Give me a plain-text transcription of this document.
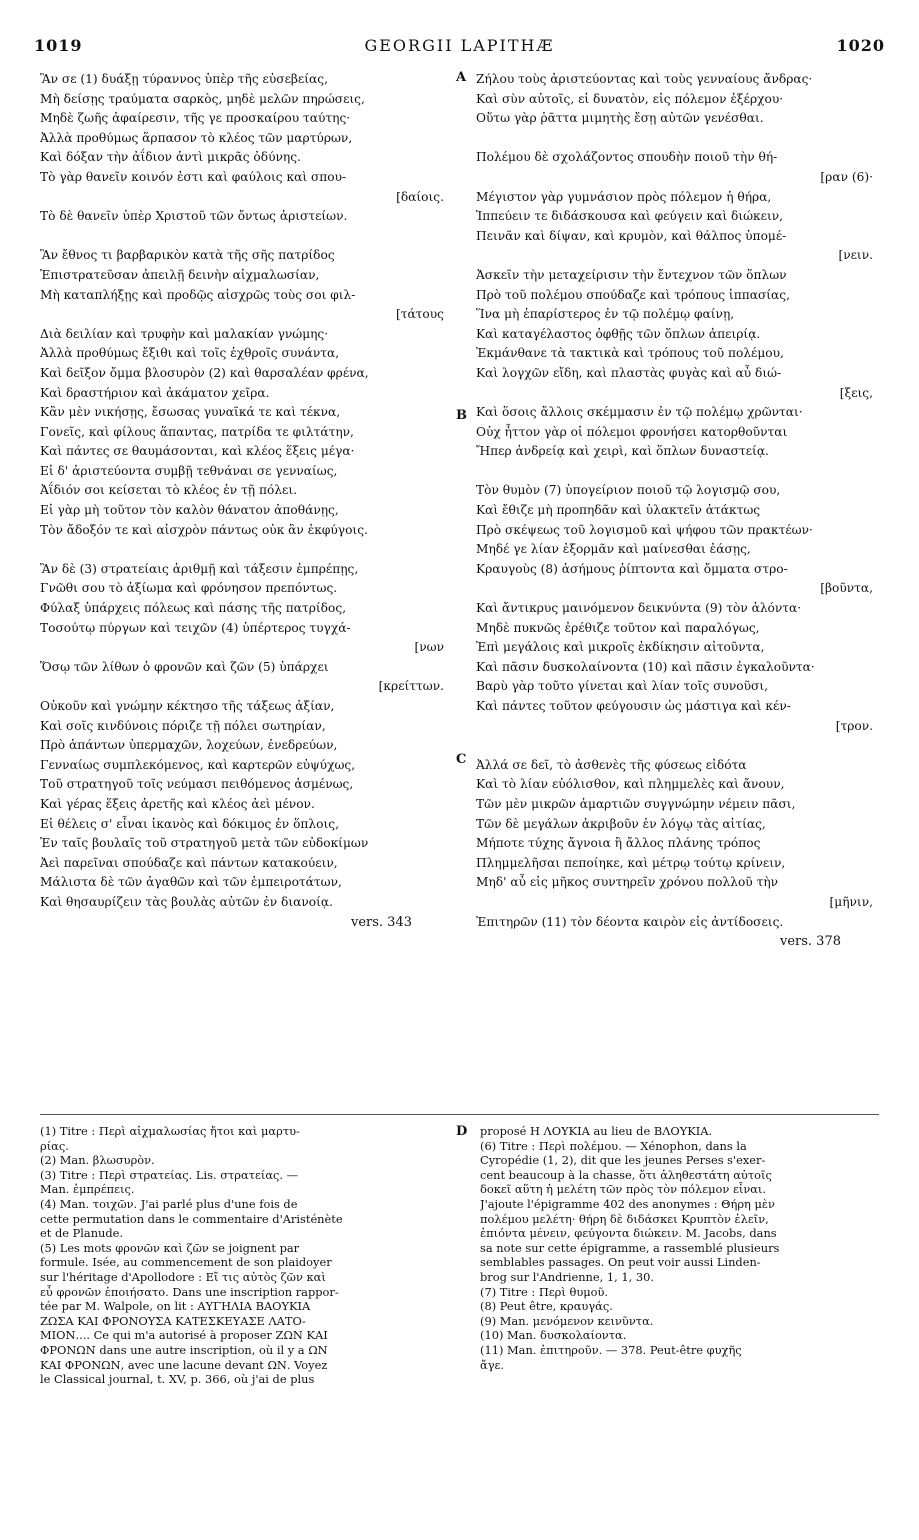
1019	GEORGII LAPITHÆ	1020
A
B
C
D
Ἂν σε (1) δυάξῃ τύραννος ὑπὲρ τῆς εὐσεβείας,
Μὴ δείσῃς τραύματα σαρκὸς, μηδὲ μελῶν πηρώσεις,
Μηδὲ ζωῆς ἀφαίρεσιν, τῆς γε προσκαίρου ταύτης·
Ἀλλὰ προθύμως ἅρπασον τὸ κλέος τῶν μαρτύρων,
Καὶ δόξαν τὴν ἀΐδιον ἀντὶ μικρᾶς ὀδύνης.
Τὸ γὰρ θανεῖν κοινόν ἐστι καὶ φαύλοις καὶ σπου-
[δαίοις.
Τὸ δὲ θανεῖν ὑπὲρ Χριστοῦ τῶν ὄντως ἀριστείων.
Ἂν ἔθνος τι βαρβαρικὸν κατὰ τῆς σῆς πατρίδος
Ἐπιστρατεῦσαν ἀπειλῇ δεινὴν αἰχμαλωσίαν,
Μὴ καταπλήξῃς καὶ προδῷς αἰσχρῶς τοὺς σοι φιλ-
[τάτους
Διὰ δειλίαν καὶ τρυφὴν καὶ μαλακίαν γνώμης·
Ἀλλὰ προθύμως ἔξιθι καὶ τοῖς ἐχθροῖς συνάντα,
Καὶ δεῖξον ὄμμα βλοσυρὸν (2) καὶ θαρσαλέαν φρένα,
Καὶ δραστήριον καὶ ἀκάματον χεῖρα.
Κἂν μὲν νικήσῃς, ἔσωσας γυναῖκά τε καὶ τέκνα,
Γονεῖς, καὶ φίλους ἅπαντας, πατρίδα τε φιλτάτην,
Καὶ πάντες σε θαυμάσονται, καὶ κλέος ἕξεις μέγα·
Εἰ δ' ἀριστεύοντα συμβῇ τεθνάναι σε γενναίως,
Ἀΐδιόν σοι κείσεται τὸ κλέος ἐν τῇ πόλει.
Εἰ γὰρ μὴ τοῦτον τὸν καλὸν θάνατον ἀποθάνῃς,
Τὸν ἄδοξόν τε καὶ αἰσχρὸν πάντως οὐκ ἂν ἐκφύγοις.
Ἂν δὲ (3) στρατείαις ἀριθμῇ καὶ τάξεσιν ἐμπρέπῃς,
Γνῶθι σου τὸ ἀξίωμα καὶ φρόνησον πρεπόντως.
Φύλαξ ὑπάρχεις πόλεως καὶ πάσης τῆς πατρίδος,
Τοσούτῳ πύργων καὶ τειχῶν (4) ὑπέρτερος τυγχά-
[νων
Ὅσῳ τῶν λίθων ὁ φρονῶν καὶ ζῶν (5) ὑπάρχει
[κρείττων.
Οὐκοῦν καὶ γνώμην κέκτησο τῆς τάξεως ἀξίαν,
Καὶ σοῖς κινδύνοις πόριζε τῇ πόλει σωτηρίαν,
Πρὸ ἁπάντων ὑπερμαχῶν, λοχεύων, ἐνεδρεύων,
Γενναίως συμπλεκόμενος, καὶ καρτερῶν εὐψύχως,
Τοῦ στρατηγοῦ τοῖς νεύμασι πειθόμενος ἀσμένως,
Καὶ γέρας ἕξεις ἀρετῆς καὶ κλέος ἀεὶ μένον.
Εἰ θέλεις σ' εἶναι ἱκανὸς καὶ δόκιμος ἐν ὅπλοις,
Ἐν ταῖς βουλαῖς τοῦ στρατηγοῦ μετὰ τῶν εὐδοκίμων
Ἀεὶ παρεῖναι σπούδαζε καὶ πάντων κατακούειν,
Μάλιστα δὲ τῶν ἀγαθῶν καὶ τῶν ἐμπειροτάτων,
Καὶ θησαυρίζειν τὰς βουλὰς αὐτῶν ἐν διανοίᾳ.
vers. 343
Ζήλου τοὺς ἀριστεύοντας καὶ τοὺς γενναίους ἄνδρας·
Καὶ σὺν αὐτοῖς, εἰ δυνατὸν, εἰς πόλεμον ἐξέρχου·
Οὕτω γὰρ ῥᾶττα μιμητὴς ἔσῃ αὐτῶν γενέσθαι.
Πολέμου δὲ σχολάζοντος σπουδὴν ποιοῦ τὴν θή-
[ραν (6)·
Μέγιστον γὰρ γυμνάσιον πρὸς πόλεμον ἡ θήρα,
Ἱππεύειν τε διδάσκουσα καὶ φεύγειν καὶ διώκειν,
Πεινᾶν καὶ δίψαν, καὶ κρυμὸν, καὶ θάλπος ὑπομέ-
[νειν.
Ἀσκεῖν τὴν μεταχείρισιν τὴν ἔντεχνον τῶν ὅπλων
Πρὸ τοῦ πολέμου σπούδαζε καὶ τρόπους ἱππασίας,
Ἵνα μὴ ἐπαρίστερος ἐν τῷ πολέμῳ φαίνῃ,
Καὶ καταγέλαστος ὀφθῇς τῶν ὅπλων ἀπειρίᾳ.
Ἐκμάνθανε τὰ τακτικὰ καὶ τρόπους τοῦ πολέμου,
Καὶ λογχῶν εἴδη, καὶ πλαστὰς φυγὰς καὶ αὖ διώ-
[ξεις,
Καὶ ὅσοις ἄλλοις σκέμμασιν ἐν τῷ πολέμῳ χρῶνται·
Οὐχ ἧττον γὰρ οἱ πόλεμοι φρονήσει κατορθοῦνται
Ἤπερ ἀνδρείᾳ καὶ χειρὶ, καὶ ὅπλων δυναστείᾳ.
Τὸν θυμὸν (7) ὑπογείριον ποιοῦ τῷ λογισμῷ σου,
Καὶ ἔθιζε μὴ προπηδᾶν καὶ ὑλακτεῖν ἀτάκτως
Πρὸ σκέψεως τοῦ λογισμοῦ καὶ ψήφου τῶν πρακτέων·
Μηδέ γε λίαν ἐξορμᾶν καὶ μαίνεσθαι ἐάσῃς,
Κραυγοὺς (8) ἀσήμους ῥίπτοντα καὶ ὄμματα στρο-
[βοῦντα,
Καὶ ἄντικρυς μαινόμενον δεικνύντα (9) τὸν ἀλόντα·
Μηδὲ πυκνῶς ἐρέθιζε τοῦτον καὶ παραλόγως,
Ἐπὶ μεγάλοις καὶ μικροῖς ἐκδίκησιν αἰτοῦντα,
Καὶ πᾶσιν δυσκολαίνοντα (10) καὶ πᾶσιν ἐγκαλοῦντα·
Βαρὺ γὰρ τοῦτο γίνεται καὶ λίαν τοῖς συνοῦσι,
Καὶ πάντες τοῦτον φεύγουσιν ὡς μάστιγα καὶ κέν-
[τρον.
Ἀλλά σε δεῖ, τὸ ἀσθενὲς τῆς φύσεως εἰδότα
Καὶ τὸ λίαν εὐόλισθον, καὶ πλημμελὲς καὶ ἄνουν,
Τῶν μὲν μικρῶν ἁμαρτιῶν συγγνώμην νέμειν πᾶσι,
Τῶν δὲ μεγάλων ἀκριβοῦν ἐν λόγῳ τὰς αἰτίας,
Μήποτε τύχης ἄγνοια ἢ ἄλλος πλάνης τρόπος
Πλημμελῆσαι πεποίηκε, καὶ μέτρῳ τούτῳ κρίνειν,
Μηδ' αὖ εἰς μῆκος συντηρεῖν χρόνου πολλοῦ τὴν
[μῆνιν,
Ἐπιτηρῶν (11) τὸν δέοντα καιρὸν εἰς ἀντίδοσεις.
vers. 378
(1) Titre : Περὶ αἰχμαλωσίας ἤτοι καὶ μαρτυ-
ρίας.
(2) Man. βλωσυρὸν.
(3) Titre : Περὶ στρατείας. Lis. στρατείας. —
Man. ἐμπρέπεις.
(4) Man. τοιχῶν. J'ai parlé plus d'une fois de
cette permutation dans le commentaire d'Aristénète
et de Planude.
(5) Les mots φρονῶν καὶ ζῶν se joignent par
formule. Isée, au commencement de son plaidoyer
sur l'héritage d'Apollodore : Εἴ τις αὐτὸς ζῶν καὶ
εὖ φρονῶν ἐποιήσατο. Dans une inscription rappor-
tée par M. Walpole, on lit : ΑΥΓΗΛΙΑ ΒΑΟΥΚΙΑ
ΖΩΣΑ ΚΑΙ ΦΡΟΝΟΥΣΑ ΚΑΤΕΣΚΕΥΑΣΕ ΛΑΤΟ-
ΜΙΟΝ.... Ce qui m'a autorisé à proposer ΖΩΝ ΚΑΙ
ΦΡΟΝΩΝ dans une autre inscription, où il y a ΩΝ
ΚΑΙ ΦΡΟΝΩΝ, avec une lacune devant ΩΝ. Voyez
le Classical journal, t. XV, p. 366, où j'ai de plus
proposé Η ΛΟΥΚΙΑ au lieu de ΒΛΟΥΚΙΑ.
(6) Titre : Περὶ πολέμου. — Xénophon, dans la
Cyropédie (1, 2), dit que les jeunes Perses s'exer-
cent beaucoup à la chasse, ὅτι ἀληθεστάτη αὐτοῖς
δοκεῖ αὕτη ἡ μελέτη τῶν πρὸς τὸν πόλεμον εἶναι.
J'ajoute l'épigramme 402 des anonymes : Θήρη μὲν
πολέμου μελέτη· θήρη δὲ διδάσκει Κρυπτὸν ἐλεῖν,
ἐπιόντα μένειν, φεύγοντα διώκειν. M. Jacobs, dans
sa note sur cette épigramme, a rassemblé plusieurs
semblables passages. On peut voir aussi Linden-
brog sur l'Andrienne, 1, 1, 30.
(7) Titre : Περὶ θυμοῦ.
(8) Peut être, κραυγάς.
(9) Man. μενόμενον κεινῦντα.
(10) Man. δυσκολαίοντα.
(11) Man. ἐπιτηροῦν. — 378. Peut-être φυχῆς
ἄγε.
